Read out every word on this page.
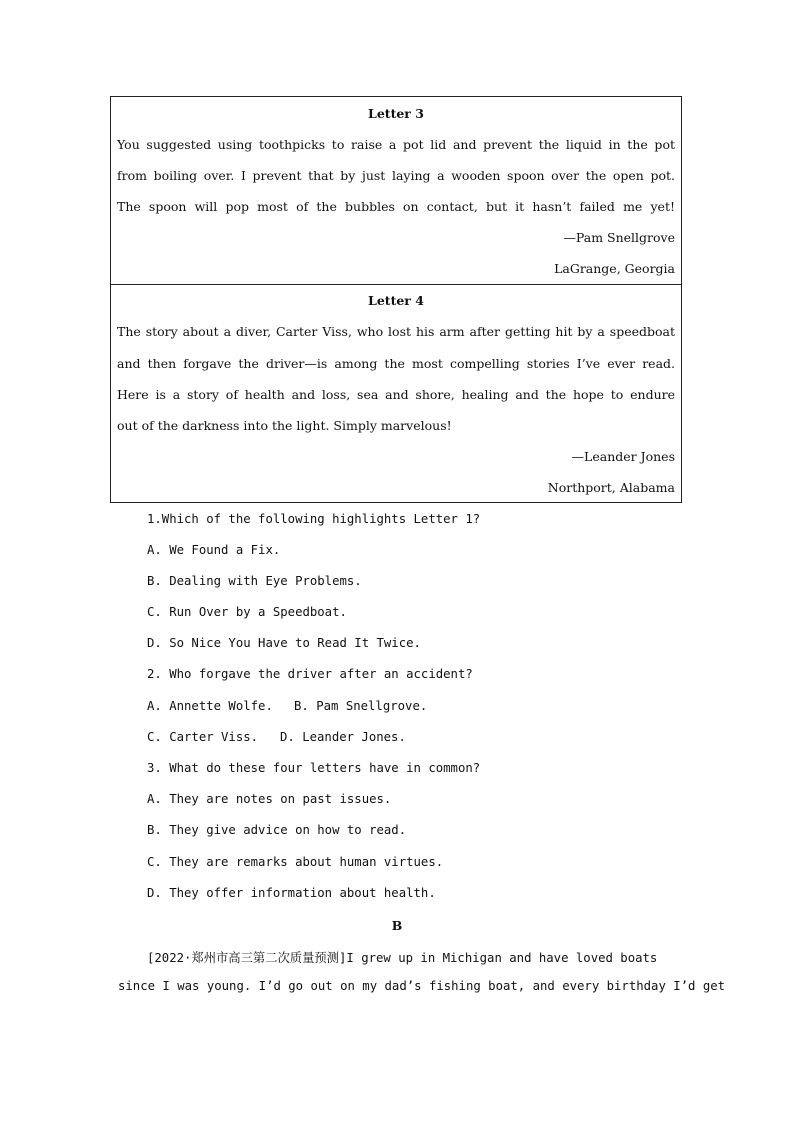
Letter 3
You suggested using toothpicks to raise a pot lid and prevent the liquid in the pot
from boiling over. I prevent that by just laying a wooden spoon over the open pot.
The spoon will pop most of the bubbles on contact, but it hasn’t failed me yet!
—Pam Snellgrove
LaGrange, Georgia
Letter 4
The story about a diver, Carter Viss, who lost his arm after getting hit by a speedboat
and then forgave the driver—is among the most compelling stories I’ve ever read.
Here is a story of health and loss, sea and shore, healing and the hope to endure
out of the darkness into the light. Simply marvelous!
—Leander Jones
Northport, Alabama
1.Which of the following highlights Letter 1?
A. We Found a Fix.
B. Dealing with Eye Problems.
C. Run Over by a Speedboat.
D. So Nice You Have to Read It Twice.
2. Who forgave the driver after an accident?
A. Annette Wolfe. B. Pam Snellgrove.
C. Carter Viss. D. Leander Jones.
3. What do these four letters have in common?
A. They are notes on past issues.
B. They give advice on how to read.
C. They are remarks about human virtues.
D. They offer information about health.
B
[2022·郑州市高三第二次质量预测]I grew up in Michigan and have loved boats
since I was young. I’d go out on my dad’s fishing boat, and every birthday I’d get
